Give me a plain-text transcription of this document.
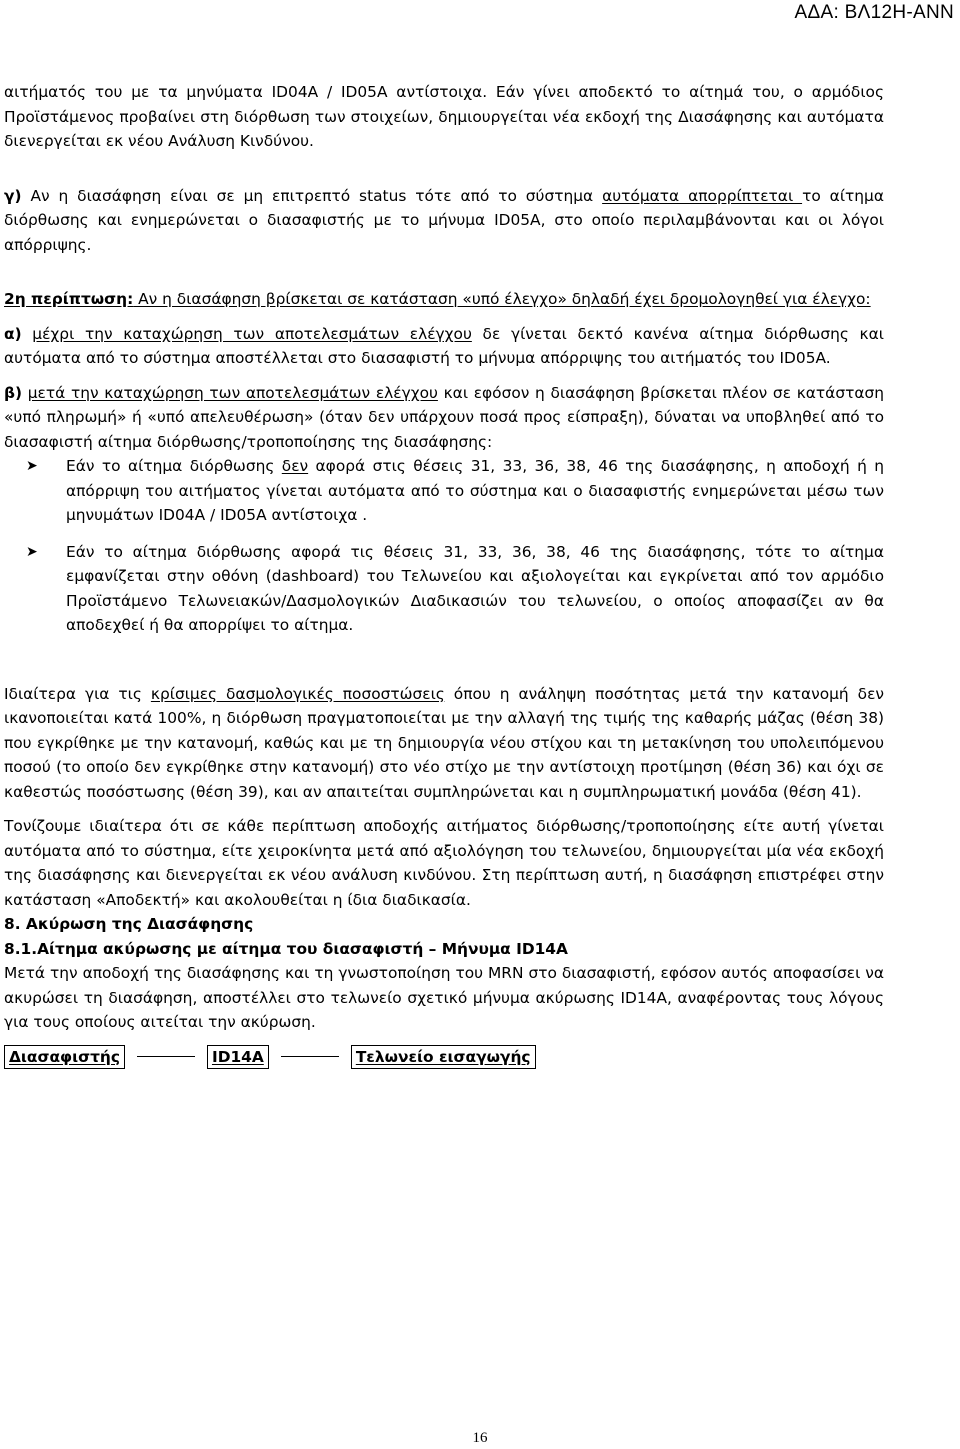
ΑΔΑ: ΒΛ12Η-ΑΝΝ

αιτήματός του με τα μηνύματα ID04A / ID05A αντίστοιχα. Εάν γίνει αποδεκτό το αίτημά του, ο αρμόδιος Προϊστάμενος προβαίνει στη διόρθωση των στοιχείων, δημιουργείται νέα εκδοχή της Διασάφησης και αυτόματα διενεργείται εκ νέου Ανάλυση Κινδύνου.

γ) Αν η διασάφηση είναι σε μη επιτρεπτό status τότε από το σύστημα αυτόματα απορρίπτεται το αίτημα διόρθωσης και ενημερώνεται ο διασαφιστής με το μήνυμα ID05A, στο οποίο περιλαμβάνονται και οι λόγοι απόρριψης.

2η περίπτωση: Αν η διασάφηση βρίσκεται σε κατάσταση «υπό έλεγχο» δηλαδή έχει δρομολογηθεί για έλεγχο:

α) μέχρι την καταχώρηση των αποτελεσμάτων ελέγχου δε γίνεται δεκτό κανένα αίτημα διόρθωσης και αυτόματα από το σύστημα αποστέλλεται στο διασαφιστή το μήνυμα απόρριψης του αιτήματός του ID05A.

β) μετά την καταχώρηση των αποτελεσμάτων ελέγχου και εφόσον η διασάφηση βρίσκεται πλέον σε κατάσταση «υπό πληρωμή» ή «υπό απελευθέρωση» (όταν δεν υπάρχουν ποσά προς είσπραξη), δύναται να υποβληθεί από το διασαφιστή αίτημα διόρθωσης/τροποποίησης της διασάφησης:

➤	Εάν το αίτημα διόρθωσης δεν αφορά στις θέσεις 31, 33, 36, 38, 46 της διασάφησης, η αποδοχή ή η απόρριψη του αιτήματος γίνεται αυτόματα από το σύστημα και ο διασαφιστής ενημερώνεται μέσω των μηνυμάτων ID04A / ID05A αντίστοιχα .
➤	Εάν το αίτημα διόρθωσης αφορά τις θέσεις 31, 33, 36, 38, 46 της διασάφησης, τότε το αίτημα εμφανίζεται στην οθόνη (dashboard) του Τελωνείου και αξιολογείται και εγκρίνεται από τον αρμόδιο Προϊστάμενο Τελωνειακών/Δασμολογικών Διαδικασιών του τελωνείου, ο οποίος αποφασίζει αν θα αποδεχθεί ή θα απορρίψει το αίτημα.

Ιδιαίτερα για τις κρίσιμες δασμολογικές ποσοστώσεις όπου η ανάληψη ποσότητας μετά την κατανομή δεν ικανοποιείται κατά 100%, η διόρθωση πραγματοποιείται με την αλλαγή της τιμής της καθαρής μάζας (θέση 38) που εγκρίθηκε με την κατανομή, καθώς και με τη δημιουργία νέου στίχου και τη μετακίνηση του υπολειπόμενου ποσού (το οποίο δεν εγκρίθηκε στην κατανομή) στο νέο στίχο με την αντίστοιχη προτίμηση (θέση 36) και όχι σε καθεστώς ποσόστωσης (θέση 39), και αν απαιτείται συμπληρώνεται και η συμπληρωματική μονάδα (θέση 41).

Τονίζουμε ιδιαίτερα ότι σε κάθε περίπτωση αποδοχής αιτήματος διόρθωσης/τροποποίησης είτε αυτή γίνεται αυτόματα από το σύστημα, είτε χειροκίνητα μετά από αξιολόγηση του τελωνείου, δημιουργείται μία νέα εκδοχή της διασάφησης και διενεργείται εκ νέου ανάλυση κινδύνου. Στη περίπτωση αυτή, η διασάφηση επιστρέφει στην κατάσταση «Αποδεκτή» και ακολουθείται η ίδια διαδικασία.

8. Ακύρωση της Διασάφησης
8.1.Αίτημα ακύρωσης με αίτημα του διασαφιστή – Μήνυμα ID14A

Μετά την αποδοχή της διασάφησης και τη γνωστοποίηση του MRN στο διασαφιστή, εφόσον αυτός αποφασίσει να ακυρώσει τη διασάφηση, αποστέλλει στο τελωνείο σχετικό μήνυμα ακύρωσης ID14A, αναφέροντας τους λόγους για τους οποίους αιτείται την ακύρωση.

Διασαφιστής	ID14A	Τελωνείο εισαγωγής

16
